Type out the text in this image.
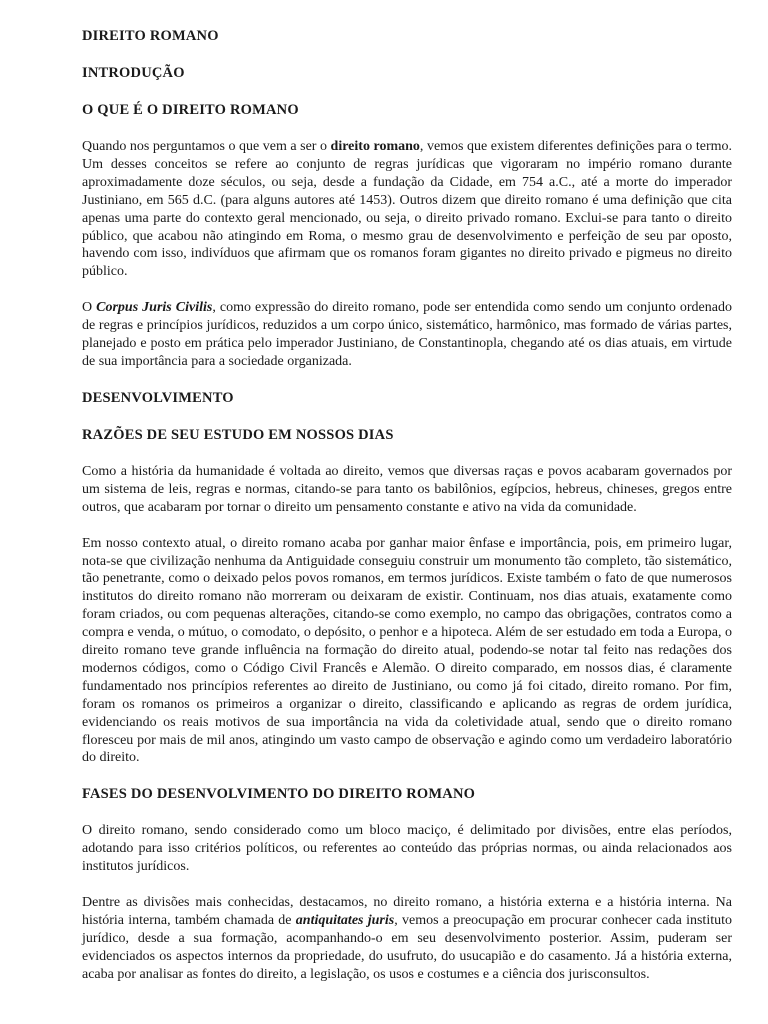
DIREITO ROMANO
INTRODUÇÃO
O QUE É O DIREITO ROMANO

Quando nos perguntamos o que vem a ser o direito romano, vemos que existem diferentes definições para o termo. Um desses conceitos se refere ao conjunto de regras jurídicas que vigoraram no império romano durante aproximadamente doze séculos, ou seja, desde a fundação da Cidade, em 754 a.C., até a morte do imperador Justiniano, em 565 d.C. (para alguns autores até 1453). Outros dizem que direito romano é uma definição que cita apenas uma parte do contexto geral mencionado, ou seja, o direito privado romano. Exclui-se para tanto o direito público, que acabou não atingindo em Roma, o mesmo grau de desenvolvimento e perfeição de seu par oposto, havendo com isso, indivíduos que afirmam que os romanos foram gigantes no direito privado e pigmeus no direito público.

O Corpus Juris Civilis, como expressão do direito romano, pode ser entendida como sendo um conjunto ordenado de regras e princípios jurídicos, reduzidos a um corpo único, sistemático, harmônico, mas formado de várias partes, planejado e posto em prática pelo imperador Justiniano, de Constantinopla, chegando até os dias atuais, em virtude de sua importância para a sociedade organizada.

DESENVOLVIMENTO
RAZÕES DE SEU ESTUDO EM NOSSOS DIAS

Como a história da humanidade é voltada ao direito, vemos que diversas raças e povos acabaram governados por um sistema de leis, regras e normas, citando-se para tanto os babilônios, egípcios, hebreus, chineses, gregos entre outros, que acabaram por tornar o direito um pensamento constante e ativo na vida da comunidade.

Em nosso contexto atual, o direito romano acaba por ganhar maior ênfase e importância, pois, em primeiro lugar, nota-se que civilização nenhuma da Antiguidade conseguiu construir um monumento tão completo, tão sistemático, tão penetrante, como o deixado pelos povos romanos, em termos jurídicos. Existe também o fato de que numerosos institutos do direito romano não morreram ou deixaram de existir. Continuam, nos dias atuais, exatamente como foram criados, ou com pequenas alterações, citando-se como exemplo, no campo das obrigações, contratos como a compra e venda, o mútuo, o comodato, o depósito, o penhor e a hipoteca. Além de ser estudado em toda a Europa, o direito romano teve grande influência na formação do direito atual, podendo-se notar tal feito nas redações dos modernos códigos, como o Código Civil Francês e Alemão. O direito comparado, em nossos dias, é claramente fundamentado nos princípios referentes ao direito de Justiniano, ou como já foi citado, direito romano. Por fim, foram os romanos os primeiros a organizar o direito, classificando e aplicando as regras de ordem jurídica, evidenciando os reais motivos de sua importância na vida da coletividade atual, sendo que o direito romano floresceu por mais de mil anos, atingindo um vasto campo de observação e agindo como um verdadeiro laboratório do direito.

FASES DO DESENVOLVIMENTO DO DIREITO ROMANO

O direito romano, sendo considerado como um bloco maciço, é delimitado por divisões, entre elas períodos, adotando para isso critérios políticos, ou referentes ao conteúdo das próprias normas, ou ainda relacionados aos institutos jurídicos.

Dentre as divisões mais conhecidas, destacamos, no direito romano, a história externa e a história interna. Na história interna, também chamada de antiquitates juris, vemos a preocupação em procurar conhecer cada instituto jurídico, desde a sua formação, acompanhando-o em seu desenvolvimento posterior. Assim, puderam ser evidenciados os aspectos internos da propriedade, do usufruto, do usucapião e do casamento. Já a história externa, acaba por analisar as fontes do direito, a legislação, os usos e costumes e a ciência dos jurisconsultos.
